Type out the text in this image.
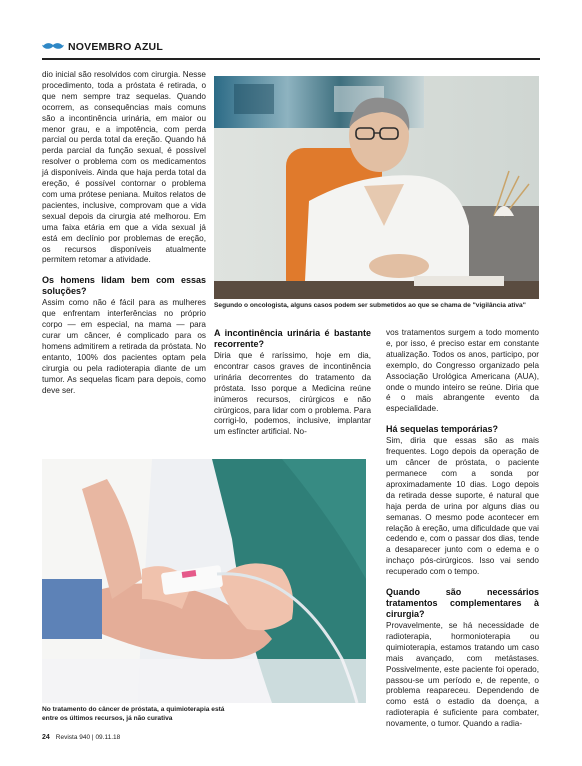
NOVEMBRO AZUL

dio inicial são resolvidos com cirurgia. Nesse procedimento, toda a próstata é retirada, o que nem sempre traz sequelas. Quando ocorrem, as consequências mais comuns são a incontinência urinária, em maior ou menor grau, e a impotência, com perda parcial ou perda total da ereção. Quando há perda parcial da função sexual, é possível resolver o problema com os medicamentos já disponíveis. Ainda que haja perda total da ereção, é possível contornar o problema com uma prótese peniana. Muitos relatos de pacientes, inclusive, comprovam que a vida sexual depois da cirurgia até melhorou. Em uma faixa etária em que a vida sexual já está em declínio por problemas de ereção, os recursos disponíveis atualmente permitem retomar a atividade.

Os homens lidam bem com essas soluções?

Assim como não é fácil para as mulheres que enfrentam interferências no próprio corpo — em especial, na mama — para curar um câncer, é complicado para os homens admitirem a retirada da próstata. No entanto, 100% dos pacientes optam pela cirurgia ou pela radioterapia diante de um tumor. As sequelas ficam para depois, como deve ser.

Segundo o oncologista, alguns casos podem ser submetidos ao que se chama de "vigilância ativa"
A incontinência urinária é bastante recorrente?

Diria que é raríssimo, hoje em dia, encontrar casos graves de incontinência urinária decorrentes do tratamento da próstata. Isso porque a Medicina reúne inúmeros recursos, cirúrgicos e não cirúrgicos, para lidar com o problema. Para corrigi-lo, podemos, inclusive, implantar um esfíncter artificial. No-

vos tratamentos surgem a todo momento e, por isso, é preciso estar em constante atualização. Todos os anos, participo, por exemplo, do Congresso organizado pela Associação Urológica Americana (AUA), onde o mundo inteiro se reúne. Diria que é o mais abrangente evento da especialidade.

Há sequelas temporárias?

Sim, diria que essas são as mais frequentes. Logo depois da operação de um câncer de próstata, o paciente permanece com a sonda por aproximadamente 10 dias. Logo depois da retirada desse suporte, é natural que haja perda de urina por alguns dias ou semanas. O mesmo pode acontecer em relação à ereção, uma dificuldade que vai cedendo e, com o passar dos dias, tende a desaparecer junto com o edema e o inchaço pós-cirúrgicos. Isso vai sendo recuperado com o tempo.

Quando são necessários tratamentos complementares à cirurgia?

Provavelmente, se há necessidade de radioterapia, hormonioterapia ou quimioterapia, estamos tratando um caso mais avançado, com metástases. Possivelmente, este paciente foi operado, passou-se um período e, de repente, o problema reapareceu. Dependendo de como está o estadio da doença, a radioterapia é suficiente para combater, novamente, o tumor. Quando a radia-

No tratamento do câncer de próstata, a quimioterapia está entre os últimos recursos, já não curativa
24 Revista 940 | 09.11.18
